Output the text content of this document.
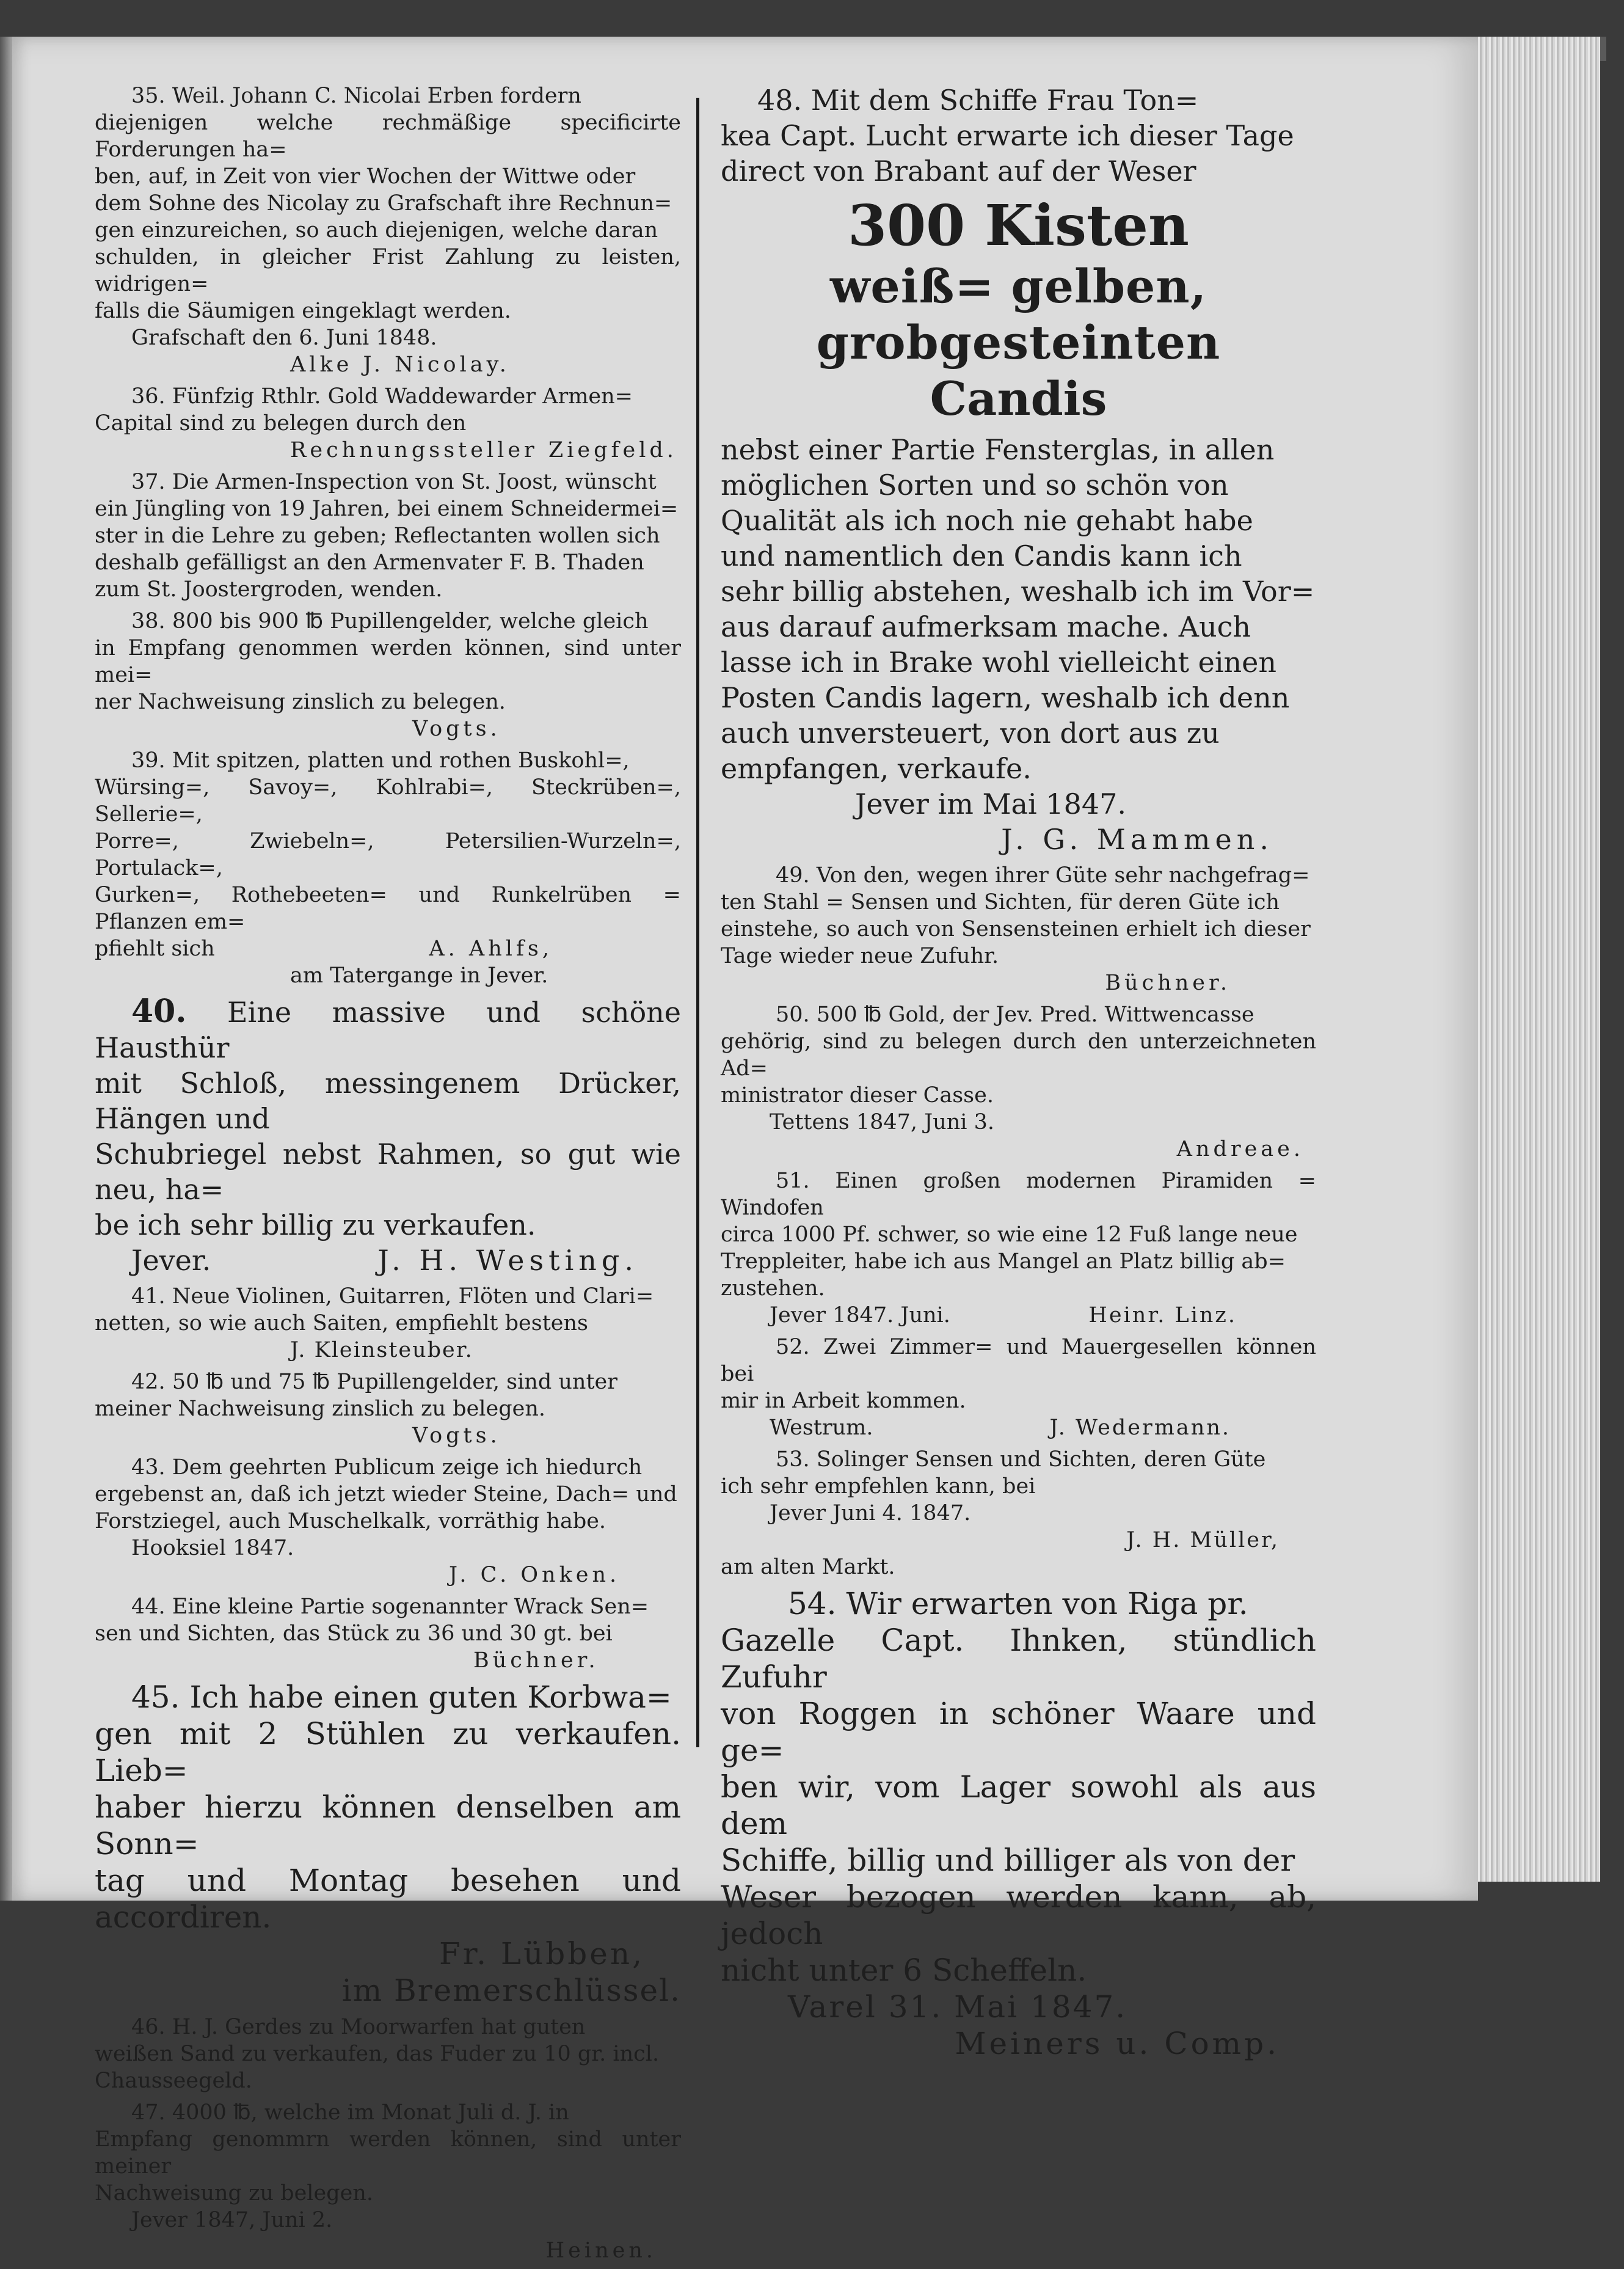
35. Weil. Johann C. Nicolai Erben fordern

diejenigen welche rechmäßige specificirte Forderungen ha=

ben, auf, in Zeit von vier Wochen der Wittwe oder

dem Sohne des Nicolay zu Grafschaft ihre Rechnun=

gen einzureichen, so auch diejenigen, welche daran

schulden, in gleicher Frist Zahlung zu leisten, widrigen=

falls die Säumigen eingeklagt werden.

Grafschaft den 6. Juni 1848.

Alke J. Nicolay.

36. Fünfzig Rthlr. Gold Waddewarder Armen=

Capital sind zu belegen durch den

Rechnungssteller Ziegfeld.

37. Die Armen-Inspection von St. Joost, wünscht

ein Jüngling von 19 Jahren, bei einem Schneidermei=

ster in die Lehre zu geben; Reflectanten wollen sich

deshalb gefälligst an den Armenvater F. B. Thaden

zum St. Joostergroden, wenden.

38. 800 bis 900 ℔ Pupillengelder, welche gleich

in Empfang genommen werden können, sind unter mei=

ner Nachweisung zinslich zu belegen.

Vogts.

39. Mit spitzen, platten und rothen Buskohl=,

Würsing=, Savoy=, Kohlrabi=, Steckrüben=, Sellerie=,

Porre=, Zwiebeln=, Petersilien-Wurzeln=, Portulack=,

Gurken=, Rothebeeten= und Runkelrüben = Pflanzen em=

pfiehlt sich	A. Ahlfs,

am Tatergange in Jever.

40. Eine massive und schöne Hausthür

mit Schloß, messingenem Drücker, Hängen und

Schubriegel nebst Rahmen, so gut wie neu, ha=

be ich sehr billig zu verkaufen.

Jever.	J. H. Westing.

41. Neue Violinen, Guitarren, Flöten und Clari=

netten, so wie auch Saiten, empfiehlt bestens

J. Kleinsteuber.

42. 50 ℔ und 75 ℔ Pupillengelder, sind unter

meiner Nachweisung zinslich zu belegen.

Vogts.

43. Dem geehrten Publicum zeige ich hiedurch

ergebenst an, daß ich jetzt wieder Steine, Dach= und

Forstziegel, auch Muschelkalk, vorräthig habe.

Hooksiel 1847.

J. C. Onken.

44. Eine kleine Partie sogenannter Wrack Sen=

sen und Sichten, das Stück zu 36 und 30 gt. bei

Büchner.

45. Ich habe einen guten Korbwa=

gen mit 2 Stühlen zu verkaufen. Lieb=

haber hierzu können denselben am Sonn=

tag und Montag besehen und accordiren.

Fr. Lübben,

im Bremerschlüssel.

46. H. J. Gerdes zu Moorwarfen hat guten

weißen Sand zu verkaufen, das Fuder zu 10 gr. incl.

Chausseegeld.

47. 4000 ℔, welche im Monat Juli d. J. in

Empfang genommrn werden können, sind unter meiner

Nachweisung zu belegen.

Jever 1847, Juni 2.

Heinen.

48. Mit dem Schiffe Frau Ton=

kea Capt. Lucht erwarte ich dieser Tage

direct von Brabant auf der Weser

300 Kisten

weiß= gelben, grobgesteinten

Candis

nebst einer Partie Fensterglas, in allen

möglichen Sorten und so schön von

Qualität als ich noch nie gehabt habe

und namentlich den Candis kann ich

sehr billig abstehen, weshalb ich im Vor=

aus darauf aufmerksam mache. Auch

lasse ich in Brake wohl vielleicht einen

Posten Candis lagern, weshalb ich denn

auch unversteuert, von dort aus zu

empfangen, verkaufe.

Jever im Mai 1847.

J. G. Mammen.

49. Von den, wegen ihrer Güte sehr nachgefrag=

ten Stahl = Sensen und Sichten, für deren Güte ich

einstehe, so auch von Sensensteinen erhielt ich dieser

Tage wieder neue Zufuhr.

Büchner.

50. 500 ℔ Gold, der Jev. Pred. Wittwencasse

gehörig, sind zu belegen durch den unterzeichneten Ad=

ministrator dieser Casse.

Tettens 1847, Juni 3.

Andreae.

51. Einen großen modernen Piramiden = Windofen

circa 1000 Pf. schwer, so wie eine 12 Fuß lange neue

Treppleiter, habe ich aus Mangel an Platz billig ab=

zustehen.

Jever 1847. Juni.	Heinr. Linz.

52. Zwei Zimmer= und Mauergesellen können bei

mir in Arbeit kommen.

Westrum.	J. Wedermann.

53. Solinger Sensen und Sichten, deren Güte

ich sehr empfehlen kann, bei

Jever Juni 4. 1847.

J. H. Müller,

am alten Markt.

54. Wir erwarten von Riga pr.

Gazelle Capt. Ihnken, stündlich Zufuhr

von Roggen in schöner Waare und ge=

ben wir, vom Lager sowohl als aus dem

Schiffe, billig und billiger als von der

Weser bezogen werden kann, ab, jedoch

nicht unter 6 Scheffeln.

Varel 31. Mai 1847.

Meiners u. Comp.
